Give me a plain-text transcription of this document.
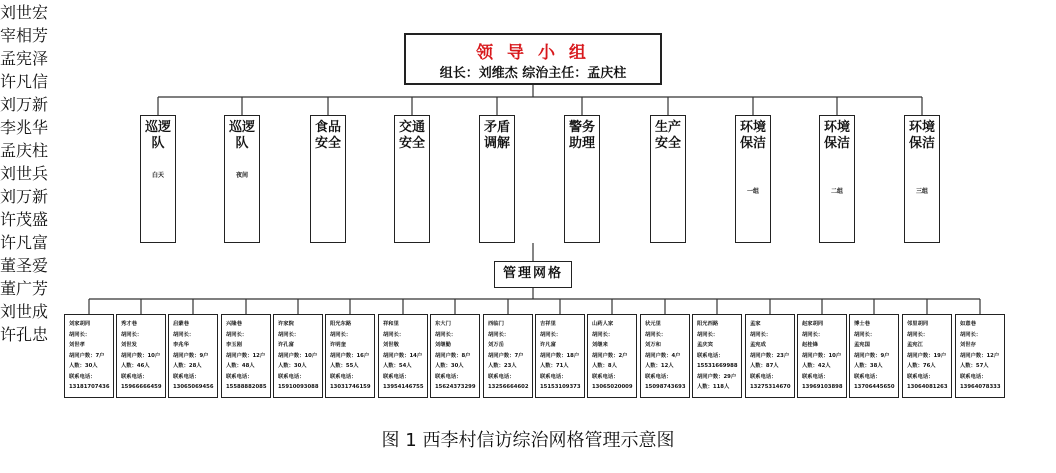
领 导 小 组
组长：刘维杰 综治主任：孟庆柱
巡逻队
白天
刘世宏
宰相芳
巡逻队
夜间
孟宪泽
许凡信
食品安全
刘万新
交通安全
李兆华	矛盾调解
孟庆柱
警务助理
刘世兵
生产安全
刘万新
环境保洁
一组
许茂盛
许凡富
环境保洁
二组
董圣爱
董广芳
环境保洁
三组
刘世成
许孔忠
管理网格
刘家胡同
胡同长：
刘世孝
胡同户数：7户
人数：30人
联系电话：
13181707436
秀才巷
胡同长：
刘世发
胡同户数：10户
人数：46人
联系电话：
15966666459
启蒙巷
胡同长：
李兆华
胡同户数：9户
人数：28人
联系电话：
13065069456
兴隆巷
胡同长：
李玉刚
胡同户数：12户
人数：48人
联系电话：
15588882085
许家院
胡同长：
许孔富
胡同户数：10户
人数：30人
联系电话：
15910093088
阳光东路
胡同长：
许明奎
胡同户数：16户
人数：55人
联系电话：
13031746159
祥和里
胡同长：
刘世敬
胡同户数：14户
人数：54人
联系电话：
13954146755
东大门
胡同长：
刘继勤
胡同户数：8户
人数：30人
联系电话：
15624373299
西临门
胡同长：
刘万岳
胡同户数：7户
人数：23人
联系电话：
13256664602
吉祥里
胡同长：
许凡富
胡同户数：18户
人数：71人
联系电话：
15153109373
山药人家
胡同长：
刘继来
胡同户数：2户
人数：8人
联系电话：
13065020009
状元里
胡同长：
刘万和
胡同户数：4户
人数：12人
联系电话：
15098743693
阳光西路
胡同长：
孟庆宾
联系电话：
15531669988
胡同户数：29户
人数：118人
孟家
胡同长：
孟宪成
胡同户数：23户
人数：87人
联系电话：
13275314670
赵家胡同
胡同长：
赵桂锋
胡同户数：10户
人数：42人
联系电话：
13969103898
博士巷
胡同长：
孟宪国
胡同户数：9户
人数：38人
联系电话：
13706445650
邻里胡同
胡同长：
孟宪江
胡同户数：19户
人数：76人
联系电话：
13064081263
如意巷
胡同长：
刘世存
胡同户数：12户
人数：57人
联系电话：
13964078333
图 1 西李村信访综治网格管理示意图
